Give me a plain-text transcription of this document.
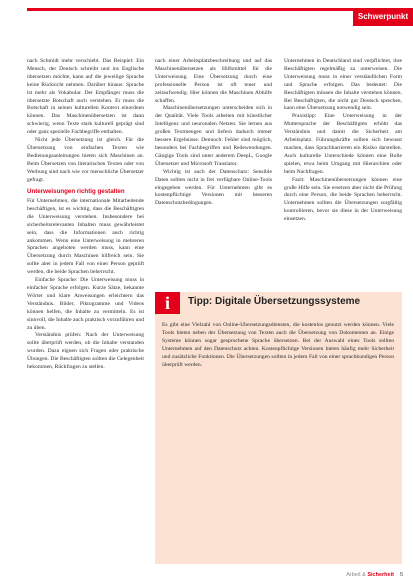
Schwerpunkt

nach Schmidt mehr verschiebt. Das Beispiel: Ein Mensch, der Deutsch schreibt und ins Englische übersetzen möchte, kann auf die jeweilige Sprache keine Rücksicht nehmen. Darüber hinaus: Sprache ist mehr als Vokabular. Der Empfänger muss die übersetzte Botschaft auch verstehen. Er muss die Botschaft in seinen kulturellen Kontext einordnen können. Das Maschinenübersetzen ist dann schwierig, wenn Texte stark kulturell geprägt sind oder ganz spezielle Fachbegriffe enthalten.

Nicht jede Übersetzung ist gleich. Für die Übersetzung von einfachen Texten wie Bedienungsanleitungen bieten sich Maschinen an. Beim Übersetzen von literarischen Texten oder von Werbung sind nach wie vor menschliche Übersetzer gefragt.

Unterweisungen richtig gestalten

Für Unternehmen, die internationale Mitarbeitende beschäftigen, ist es wichtig, dass die Beschäftigten die Unterweisung verstehen. Insbesondere bei sicherheitsrelevanten Inhalten muss gewährleistet sein, dass die Informationen auch richtig ankommen. Wenn eine Unterweisung in mehreren Sprachen angeboten werden muss, kann eine Übersetzung durch Maschinen hilfreich sein. Sie sollte aber in jedem Fall von einer Person geprüft werden, die beide Sprachen beherrscht.

Einfache Sprache: Die Unterweisung muss in einfacher Sprache erfolgen. Kurze Sätze, bekannte Wörter und klare Anweisungen erleichtern das Verständnis. Bilder, Piktogramme und Videos können helfen, die Inhalte zu vermitteln. Es ist sinnvoll, die Inhalte auch praktisch vorzuführen und zu üben.

Verständnis prüfen: Nach der Unterweisung sollte überprüft werden, ob die Inhalte verstanden wurden. Dazu eignen sich Fragen oder praktische Übungen. Die Beschäftigten sollten die Gelegenheit bekommen, Rückfragen zu stellen.

nach einer Arbeitsplatzbeschreibung und auf das Maschinenübersetzen als Hilfsmittel für die Unterweisung. Eine Übersetzung durch eine professionelle Person ist oft teuer und zeitaufwendig. Hier können die Maschinen Abhilfe schaffen.

Maschinenübersetzungen unterscheiden sich in der Qualität. Viele Tools arbeiten mit künstlicher Intelligenz und neuronalen Netzen. Sie lernen aus großen Textmengen und liefern dadurch immer bessere Ergebnisse. Dennoch: Fehler sind möglich, besonders bei Fachbegriffen und Redewendungen. Gängige Tools sind unter anderem DeepL, Google Übersetzer und Microsoft Translator.

Wichtig ist auch der Datenschutz: Sensible Daten sollten nicht in frei verfügbare Online-Tools eingegeben werden. Für Unternehmen gibt es kostenpflichtige Versionen mit besseren Datenschutzbedingungen.

Unternehmen in Deutschland sind verpflichtet, ihre Beschäftigten regelmäßig zu unterweisen. Die Unterweisung muss in einer verständlichen Form und Sprache erfolgen. Das bedeutet: Die Beschäftigten müssen die Inhalte verstehen können. Bei Beschäftigten, die nicht gut Deutsch sprechen, kann eine Übersetzung notwendig sein.

Praxistipp: Eine Unterweisung in der Muttersprache der Beschäftigten erhöht das Verständnis und damit die Sicherheit am Arbeitsplatz. Führungskräfte sollten sich bewusst machen, dass Sprachbarrieren ein Risiko darstellen. Auch kulturelle Unterschiede können eine Rolle spielen, etwa beim Umgang mit Hierarchien oder beim Nachfragen.

Fazit: Maschinenübersetzungen können eine große Hilfe sein. Sie ersetzen aber nicht die Prüfung durch eine Person, die beide Sprachen beherrscht. Unternehmen sollten die Übersetzungen sorgfältig kontrollieren, bevor sie diese in der Unterweisung einsetzen.

i	Tipp: Digitale Übersetzungssysteme

Es gibt eine Vielzahl von Online-Übersetzungsdiensten, die kostenlos genutzt werden können. Viele Tools bieten neben der Übersetzung von Texten auch die Übersetzung von Dokumenten an. Einige Systeme können sogar gesprochene Sprache übersetzen. Bei der Auswahl eines Tools sollten Unternehmen auf den Datenschutz achten. Kostenpflichtige Versionen bieten häufig mehr Sicherheit und zusätzliche Funktionen. Die Übersetzungen sollten in jedem Fall von einer sprachkundigen Person überprüft werden.

Arbeit & Sicherheit 5
